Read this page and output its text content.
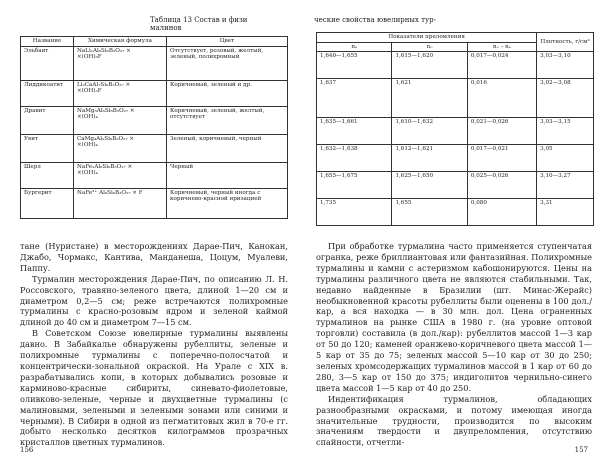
Таблица 13 Состав и физи
малинов
Название	Химическая формула	Цвет
Эльбаит	NaLi₁Al₆Si₆B₃O₂₇ ×
×(OH)₃F	Отсутствует, розовый, желтый, зеленый, полихромный
Лиддикоатит	Li₂CaAl₇Si₆B₃O₂₇ ×
×(OH)₃F	Коричневый, зеленый и др.
Дравит	NaMg₃Al₆Si₆B₃O₂₇ ×
×(OH)₄	Коричневый, зеленый, желтый, отсутствует
Увит	CaMg₄Al₅Si₆B₃O₂₇ ×
×(OH)₄	Зеленый, коричневый, черный
Шерл	NaFe₃Al₆Si₆B₃O₂₇ ×
×(OH)₄	Черный
Бургерит	NaFe³⁺ Al₆Si₆B₃O₂₇ × F	Коричневый, черный иногда с коричнево-красной иризацией

тане (Нуристане) в месторождениях Дарае-Пич, Канокан, Джабо, Чормакс, Кантива, Манданеша, Цоцум, Муалеви, Паппу.

Турмалин месторождения Дарае-Пич, по описанию Л. Н. Россовского, травяно-зеленого цвета, длиной 1—20 см и диаметром 0,2—5 см; реже встречаются полихромные турмалины с красно-розовым ядром и зеленой каймой длиной до 40 см и диаметром 7—15 см.

В Советском Союзе ювелирные турмалины выявлены давно. В Забайкалье обнаружены рубеллиты, зеленые и полихромные турмалины с поперечно-полосчатой и концентрически-зональной окраской. На Урале с XIX в. разрабатывались копи, в которых добывались розовые и карминово-красные сибириты, синевато-фиолетовые, оливково-зеленые, черные и двухцветные турмалины (с малиновыми, зелеными и зелеными зонами или синими и черными). В Сибири в одной из пегматитовых жил в 70-е гг. добыто несколько десятков килограммов прозрачных кристаллов цветных турмалинов.

156
ческие свойства ювелирных тур-
Показатели преломления			Плотность, г/см³
nₑ	nₒ	nₒ – nₑ	
1,640—1,655	1,615—1,620	0,017—0,024	3,03—3,10
1,637	1,621	0,016	3,02—3,08
1,635—1,661	1,610—1,632	0,021—0,026	3,03—3,15
1,632—1,638	1,612—1,621	0,017—0,021	3,05
1,655—1,675	1,625—1,650	0,025—0,026	3,10—3,27
1,735	1,655	0,080	3,31

При обработке турмалина часто применяется ступенчатая огранка, реже бриллиантовая или фантазийная. Полихромные турмалины и камни с астеризмом кабошонируются. Цены на турмалины различного цвета не являются стабильными. Так, недавно найденные в Бразилии (шт. Минас-Жерайс) необыкновенной красоты рубеллиты были оценены в 100 дол./кар, а вся находка — в 30 млн. дол. Цена ограненных турмалинов на рынке США в 1980 г. (на уровне оптовой торговли) составила (в дол./кар): рубеллитов массой 1—3 кар от 50 до 120; каменей оранжево-коричневого цвета массой 1—5 кар от 35 до 75; зеленых массой 5—10 кар от 30 до 250; зеленых хромсодержащих турмалинов массой в 1 кар от 60 до 280, 3—5 кар от 150 до 375; индиголитов чернильно-синего цвета массой 1—5 кар от 40 до 250.

Индентификация турмалинов, обладающих разнообразными окрасками, и потому имеющая иногда значительные трудности, производится по высоким значениям твердости и двупреломления, отсутствию спайности, отчетли-

157
